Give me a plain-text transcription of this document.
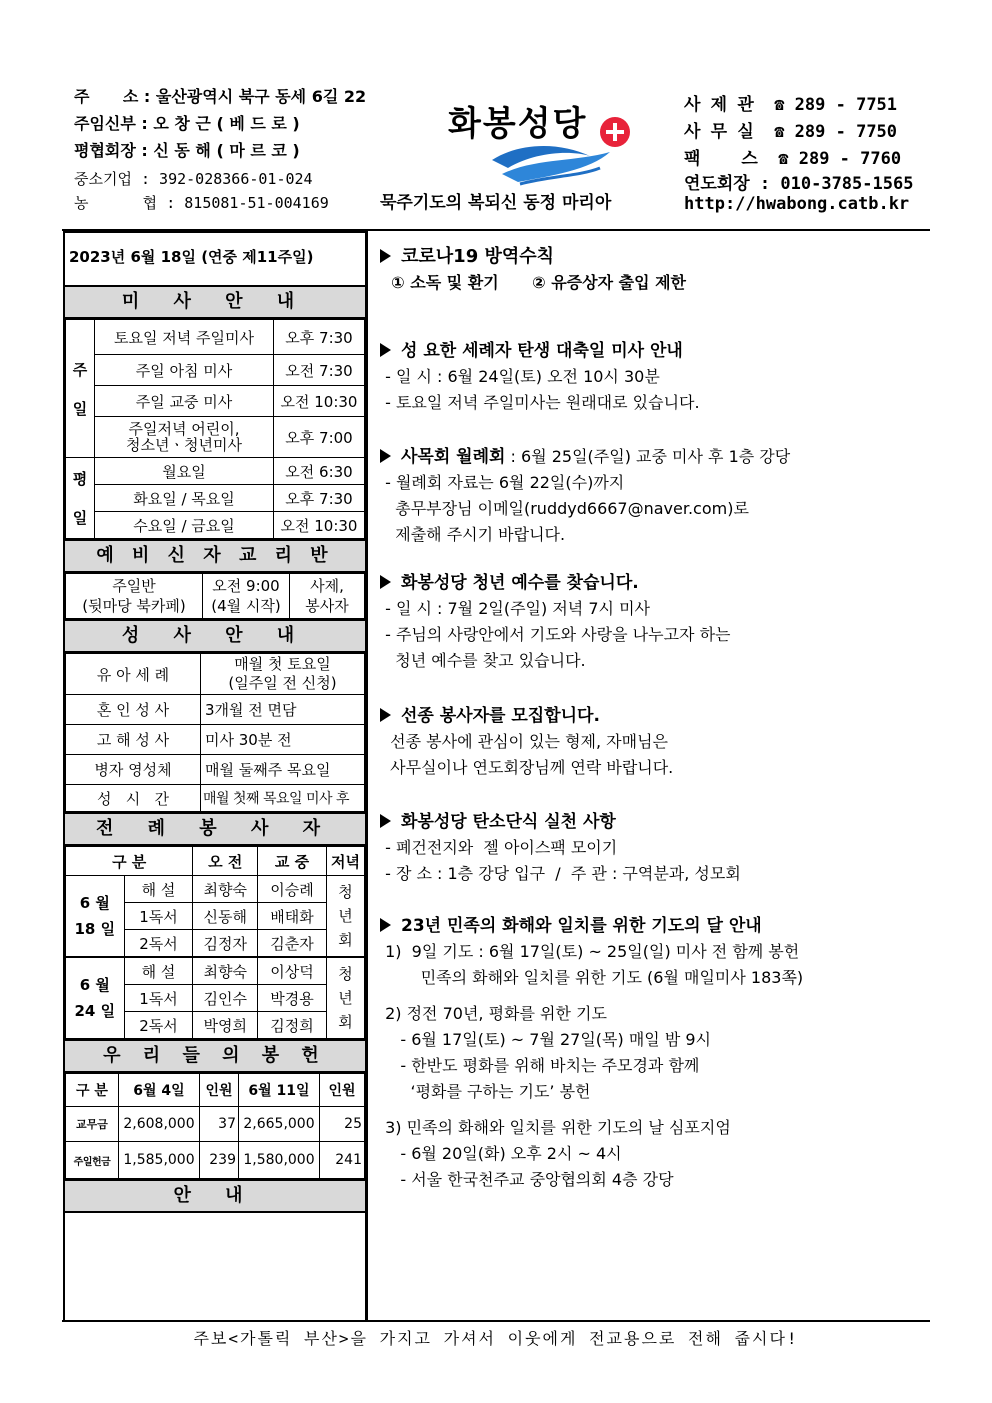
주      소 : 울산광역시 북구 동세 6길 22
주임신부 : 오 창 근 ( 베 드 로 )
평협회장 : 신 동 해 ( 마 르 코 )
중소기업 : 392-028366-01-024
농      협 : 815081-51-004169
화봉성당
묵주기도의 복되신 동정 마리아
사 제 관  ☎ 289 - 7751
사 무 실  ☎ 289 - 7750
팩    스  ☎ 289 - 7760
연도회장 : 010-3785-1565
http://hwabong.catb.kr
2023년 6월 18일 (연중 제11주일)
미 사 안 내
주

일	토요일 저녁 주일미사	오후 7:30
	주일 아침 미사	오전 7:30
	주일 교중 미사	오전 10:30
	주일저녁 어린이,
청소년ㆍ청년미사	오후 7:00

평

일	월요일	오전 6:30
	화요일 / 목요일	오후 7:30
	수요일 / 금요일	오전 10:30
예 비 신 자 교 리 반
주일반
(뒷마당 북카페)	오전 9:00
(4월 시작)	사제,
봉사자
성 사 안 내
유 아 세 례	매월 첫 토요일
(일주일 전 신청)
혼 인 성 사	3개월 전 면담
고 해 성 사	미사 30분 전
병자 영성체	매월 둘째주 목요일
성   시   간	매월 첫째 목요일 미사 후
전 례 봉 사 자
구 분		오 전	교 중	저녁
6 월
18 일	해 설	최향숙	이승례	청
년
회
	1독서	신동해	배태화	
	2독서	김정자	김춘자	
6 월
24 일	해 설	최향숙	이상덕	청
년
회
	1독서	김인수	박경용	
	2독서	박영희	김정희	
우 리 들 의 봉 헌
구 분	6월 4일	인원	6월 11일	인원
교무금	2,608,000	37	2,665,000	25
주일헌금	1,585,000	239	1,580,000	241
안 내
코로나19 방역수칙
① 소독 및 환기      ② 유증상자 출입 제한
성 요한 세례자 탄생 대축일 미사 안내
- 일 시 : 6월 24일(토) 오전 10시 30분
- 토요일 저녁 주일미사는 원래대로 있습니다.
사목회 월례회 : 6월 25일(주일) 교중 미사 후 1층 강당
- 월례회 자료는 6월 22일(수)까지
총무부장님 이메일(ruddyd6667@naver.com)로
제출해 주시기 바랍니다.
화봉성당 청년 예수를 찾습니다.
- 일 시 : 7월 2일(주일) 저녁 7시 미사
- 주님의 사랑안에서 기도와 사랑을 나누고자 하는
청년 예수를 찾고 있습니다.
선종 봉사자를 모집합니다.
선종 봉사에 관심이 있는 형제, 자매님은
사무실이나 연도회장님께 연락 바랍니다.
화봉성당 탄소단식 실천 사항
- 폐건전지와  젤 아이스팩 모이기
- 장 소 : 1층 강당 입구  /  주 관 : 구역분과, 성모회
23년 민족의 화해와 일치를 위한 기도의 달 안내
1)  9일 기도 : 6월 17일(토) ~ 25일(일) 미사 전 함께 봉헌
민족의 화해와 일치를 위한 기도 (6월 매일미사 183쪽)
2) 정전 70년, 평화를 위한 기도
- 6월 17일(토) ~ 7월 27일(목) 매일 밤 9시
- 한반도 평화를 위해 바치는 주모경과 함께
‘평화를 구하는 기도’ 봉헌
3) 민족의 화해와 일치를 위한 기도의 날 심포지엄
- 6월 20일(화) 오후 2시 ~ 4시
- 서울 한국천주교 중앙협의회 4층 강당
주보<가톨릭 부산>을 가지고 가셔서 이웃에게 전교용으로 전해 줍시다!
